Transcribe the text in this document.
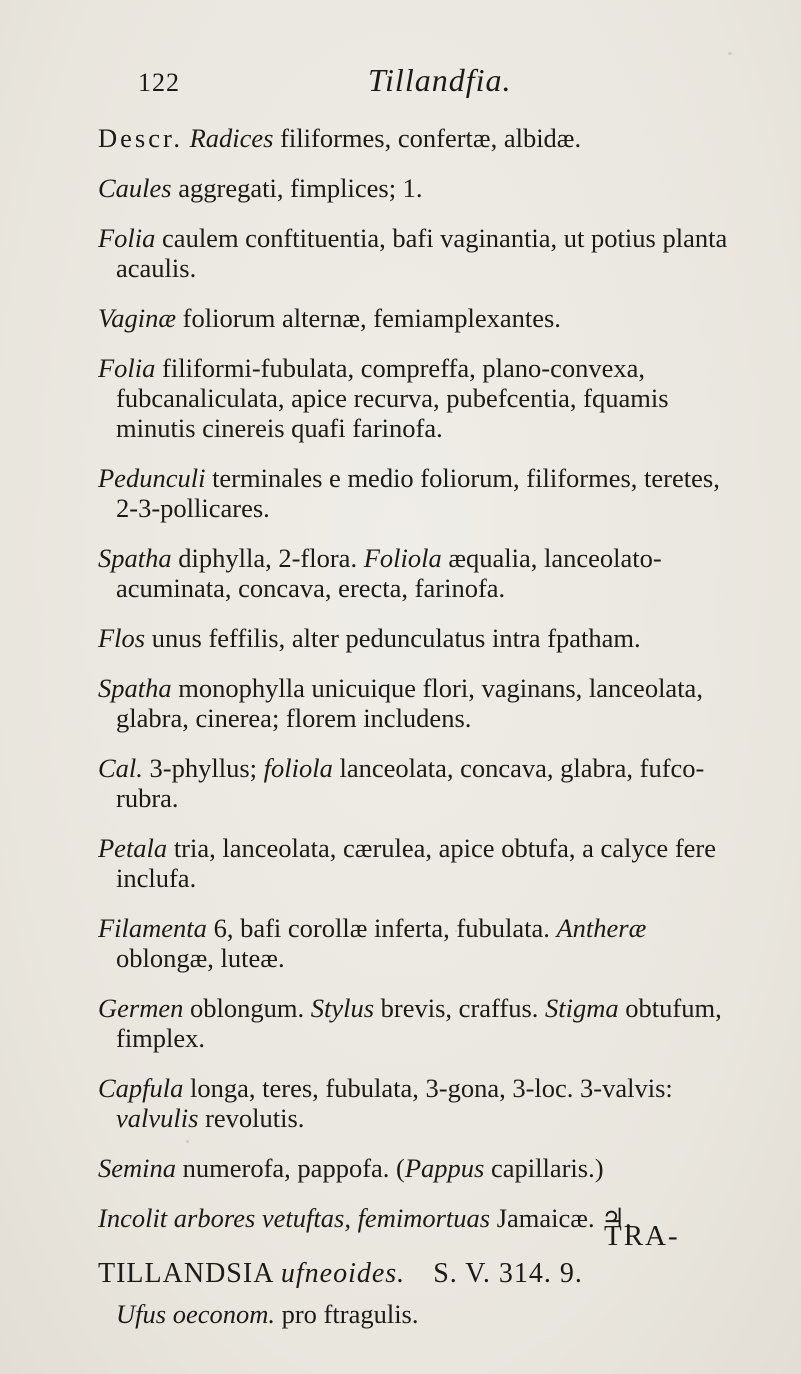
122	Tillandfia.

Descr. Radices filiformes, confertæ, albidæ.

Caules aggregati, fimplices; 1.

Folia caulem conftituentia, bafi vaginantia, ut potius planta acaulis.

Vaginæ foliorum alternæ, femiamplexantes.

Folia filiformi-fubulata, compreffa, plano-convexa, fubcanaliculata, apice recurva, pubefcentia, fquamis minutis cinereis quafi farinofa.

Pedunculi terminales e medio foliorum, filiformes, teretes, 2-3-pollicares.

Spatha diphylla, 2-flora. Foliola æqualia, lanceolato-acuminata, concava, erecta, farinofa.

Flos unus feffilis, alter pedunculatus intra fpatham.

Spatha monophylla unicuique flori, vaginans, lanceolata, glabra, cinerea; florem includens.

Cal. 3-phyllus; foliola lanceolata, concava, glabra, fufco-rubra.

Petala tria, lanceolata, cærulea, apice obtufa, a calyce fere inclufa.

Filamenta 6, bafi corollæ inferta, fubulata. Antheræ oblongæ, luteæ.

Germen oblongum. Stylus brevis, craffus. Stigma obtufum, fimplex.

Capfula longa, teres, fubulata, 3-gona, 3-loc. 3-valvis: valvulis revolutis.

Semina numerofa, pappofa. (Pappus capillaris.)

Incolit arbores vetuftas, femimortuas Jamaicæ. ♃.

TILLANDSIA ufneoides. S. V. 314. 9.

Ufus oeconom. pro ftragulis.

TRA-
